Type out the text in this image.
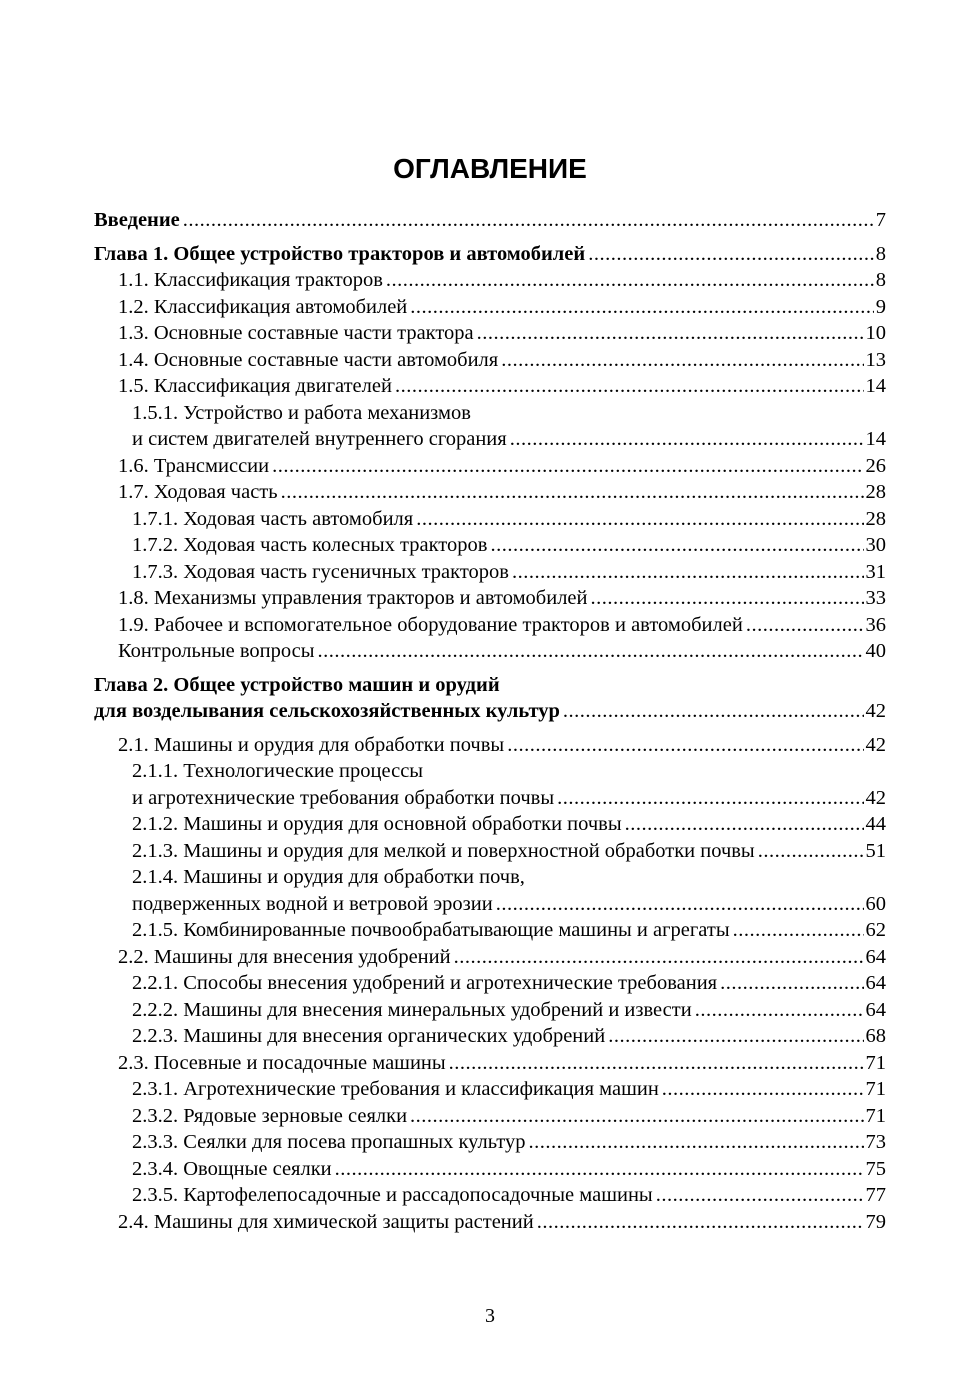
ОГЛАВЛЕНИЕ
Введение .....	7
Глава 1. Общее устройство тракторов и автомобилей .....	8
1.1. Классификация тракторов .....	8
1.2. Классификация автомобилей .....	9
1.3. Основные составные части трактора .....	10
1.4. Основные составные части автомобиля .....	13
1.5. Классификация двигателей .....	14
1.5.1. Устройство и работа механизмов
и систем двигателей внутреннего сгорания .....	14
1.6. Трансмиссии .....	26
1.7. Ходовая часть .....	28
1.7.1. Ходовая часть автомобиля .....	28
1.7.2. Ходовая часть колесных тракторов .....	30
1.7.3. Ходовая часть гусеничных тракторов .....	31
1.8. Механизмы управления тракторов и автомобилей .....	33
1.9. Рабочее и вспомогательное оборудование тракторов и автомобилей .....	36
Контрольные вопросы .....	40
Глава 2. Общее устройство машин и орудий
для возделывания сельскохозяйственных культур .....	42
2.1. Машины и орудия для обработки почвы .....	42
2.1.1. Технологические процессы
и агротехнические требования обработки почвы .....	42
2.1.2. Машины и орудия для основной обработки почвы .....	44
2.1.3. Машины и орудия для мелкой и поверхностной обработки почвы .....	51
2.1.4. Машины и орудия для обработки почв,
подверженных водной и ветровой эрозии .....	60
2.1.5. Комбинированные почвообрабатывающие машины и агрегаты .....	62
2.2. Машины для внесения удобрений .....	64
2.2.1. Способы внесения удобрений и агротехнические требования .....	64
2.2.2. Машины для внесения минеральных удобрений и извести .....	64
2.2.3. Машины для внесения органических удобрений .....	68
2.3. Посевные и посадочные машины .....	71
2.3.1. Агротехнические требования и классификация машин .....	71
2.3.2. Рядовые зерновые сеялки .....	71
2.3.3. Сеялки для посева пропашных культур .....	73
2.3.4. Овощные сеялки .....	75
2.3.5. Картофелепосадочные и рассадопосадочные машины .....	77
2.4. Машины для химической защиты растений .....	79
3
